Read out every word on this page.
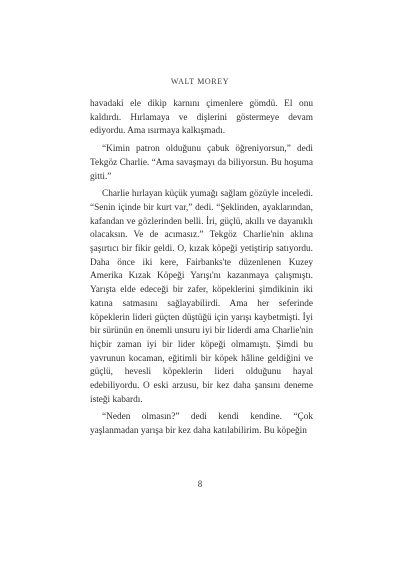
WALT MOREY

havadaki ele dikip karnını çimenlere gömdü. El onu kaldırdı. Hırlamaya ve dişlerini göstermeye devam ediyordu. Ama ısırmaya kalkışmadı.

“Kimin patron olduğunu çabuk öğreniyorsun,” dedi Tekgöz Charlie. “Ama savaşmayı da biliyorsun. Bu hoşuma gitti.”

Charlie hırlayan küçük yumağı sağlam gözüyle inceledi. “Senin içinde bir kurt var,” dedi. “Şeklinden, ayaklarından, kafandan ve gözlerinden belli. İri, güçlü, akıllı ve dayanıklı olacaksın. Ve de acımasız.” Tekgöz Charlie'nin aklına şaşırtıcı bir fikir geldi. O, kızak köpeği yetiştirip satıyordu. Daha önce iki kere, Fairbanks'te düzenlenen Kuzey Amerika Kızak Köpeği Yarışı'nı kazanmaya çalışmıştı. Yarışta elde edeceği bir zafer, köpeklerini şimdikinin iki katına satmasını sağlayabilirdi. Ama her seferinde köpeklerin lideri güçten düştüğü için yarışı kaybetmişti. İyi bir sürünün en önemli unsuru iyi bir liderdi ama Charlie'nin hiçbir zaman iyi bir lider köpeği olmamıştı. Şimdi bu yavrunun kocaman, eğitimli bir köpek hâline geldiğini ve güçlü, hevesli köpeklerin lideri olduğunu hayal edebiliyordu. O eski arzusu, bir kez daha şansını deneme isteği kabardı.

“Neden olmasın?” dedi kendi kendine. “Çok yaşlanmadan yarışa bir kez daha katılabilirim. Bu köpeğin

8
